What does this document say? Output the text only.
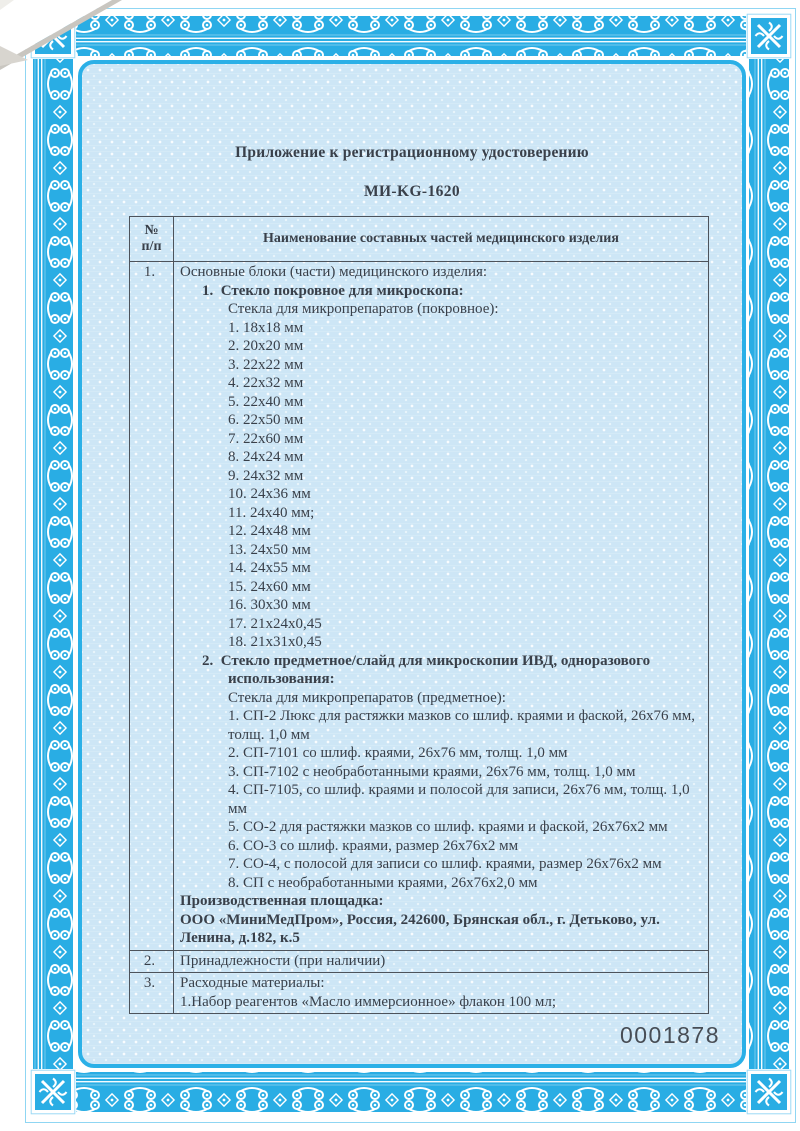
Приложение к регистрационному удостоверению
МИ-KG-1620
№
п/п	Наименование составных частей медицинского изделия
1.	Основные блоки (части) медицинского изделия:
1.  Стекло покровное для микроскопа:
Стекла для микропрепаратов (покровное):
1. 18х18 мм
2. 20х20 мм
3. 22х22 мм
4. 22х32 мм
5. 22х40 мм
6. 22х50 мм
7. 22х60 мм
8. 24х24 мм
9. 24х32 мм
10. 24х36 мм
11. 24х40 мм;
12. 24х48 мм
13. 24х50 мм
14. 24х55 мм
15. 24х60 мм
16. 30х30 мм
17. 21х24х0,45
18. 21х31х0,45
2.  Стекло предметное/слайд для микроскопии ИВД, одноразового использования:
Стекла для микропрепаратов (предметное):
1. СП-2 Люкс для растяжки мазков со шлиф. краями и фаской, 26х76 мм, толщ. 1,0 мм
2. СП-7101 со шлиф. краями, 26х76 мм, толщ. 1,0 мм
3. СП-7102 с необработанными краями, 26х76 мм, толщ. 1,0 мм
4. СП-7105, со шлиф. краями и полосой для записи, 26х76 мм, толщ. 1,0 мм
5. СО-2 для растяжки мазков со шлиф. краями и фаской, 26х76х2 мм
6. СО-3 со шлиф. краями, размер 26х76х2 мм
7. СО-4, с полосой для записи со шлиф. краями, размер 26х76х2 мм
8. СП с необработанными краями, 26х76х2,0 мм
Производственная площадка:
ООО «МиниМедПром», Россия, 242600, Брянская обл., г. Детьково, ул. Ленина, д.182, к.5

2.	Принадлежности (при наличии)

3.	Расходные материалы:
1.Набор реагентов «Масло иммерсионное» флакон 100 мл;
0001878
